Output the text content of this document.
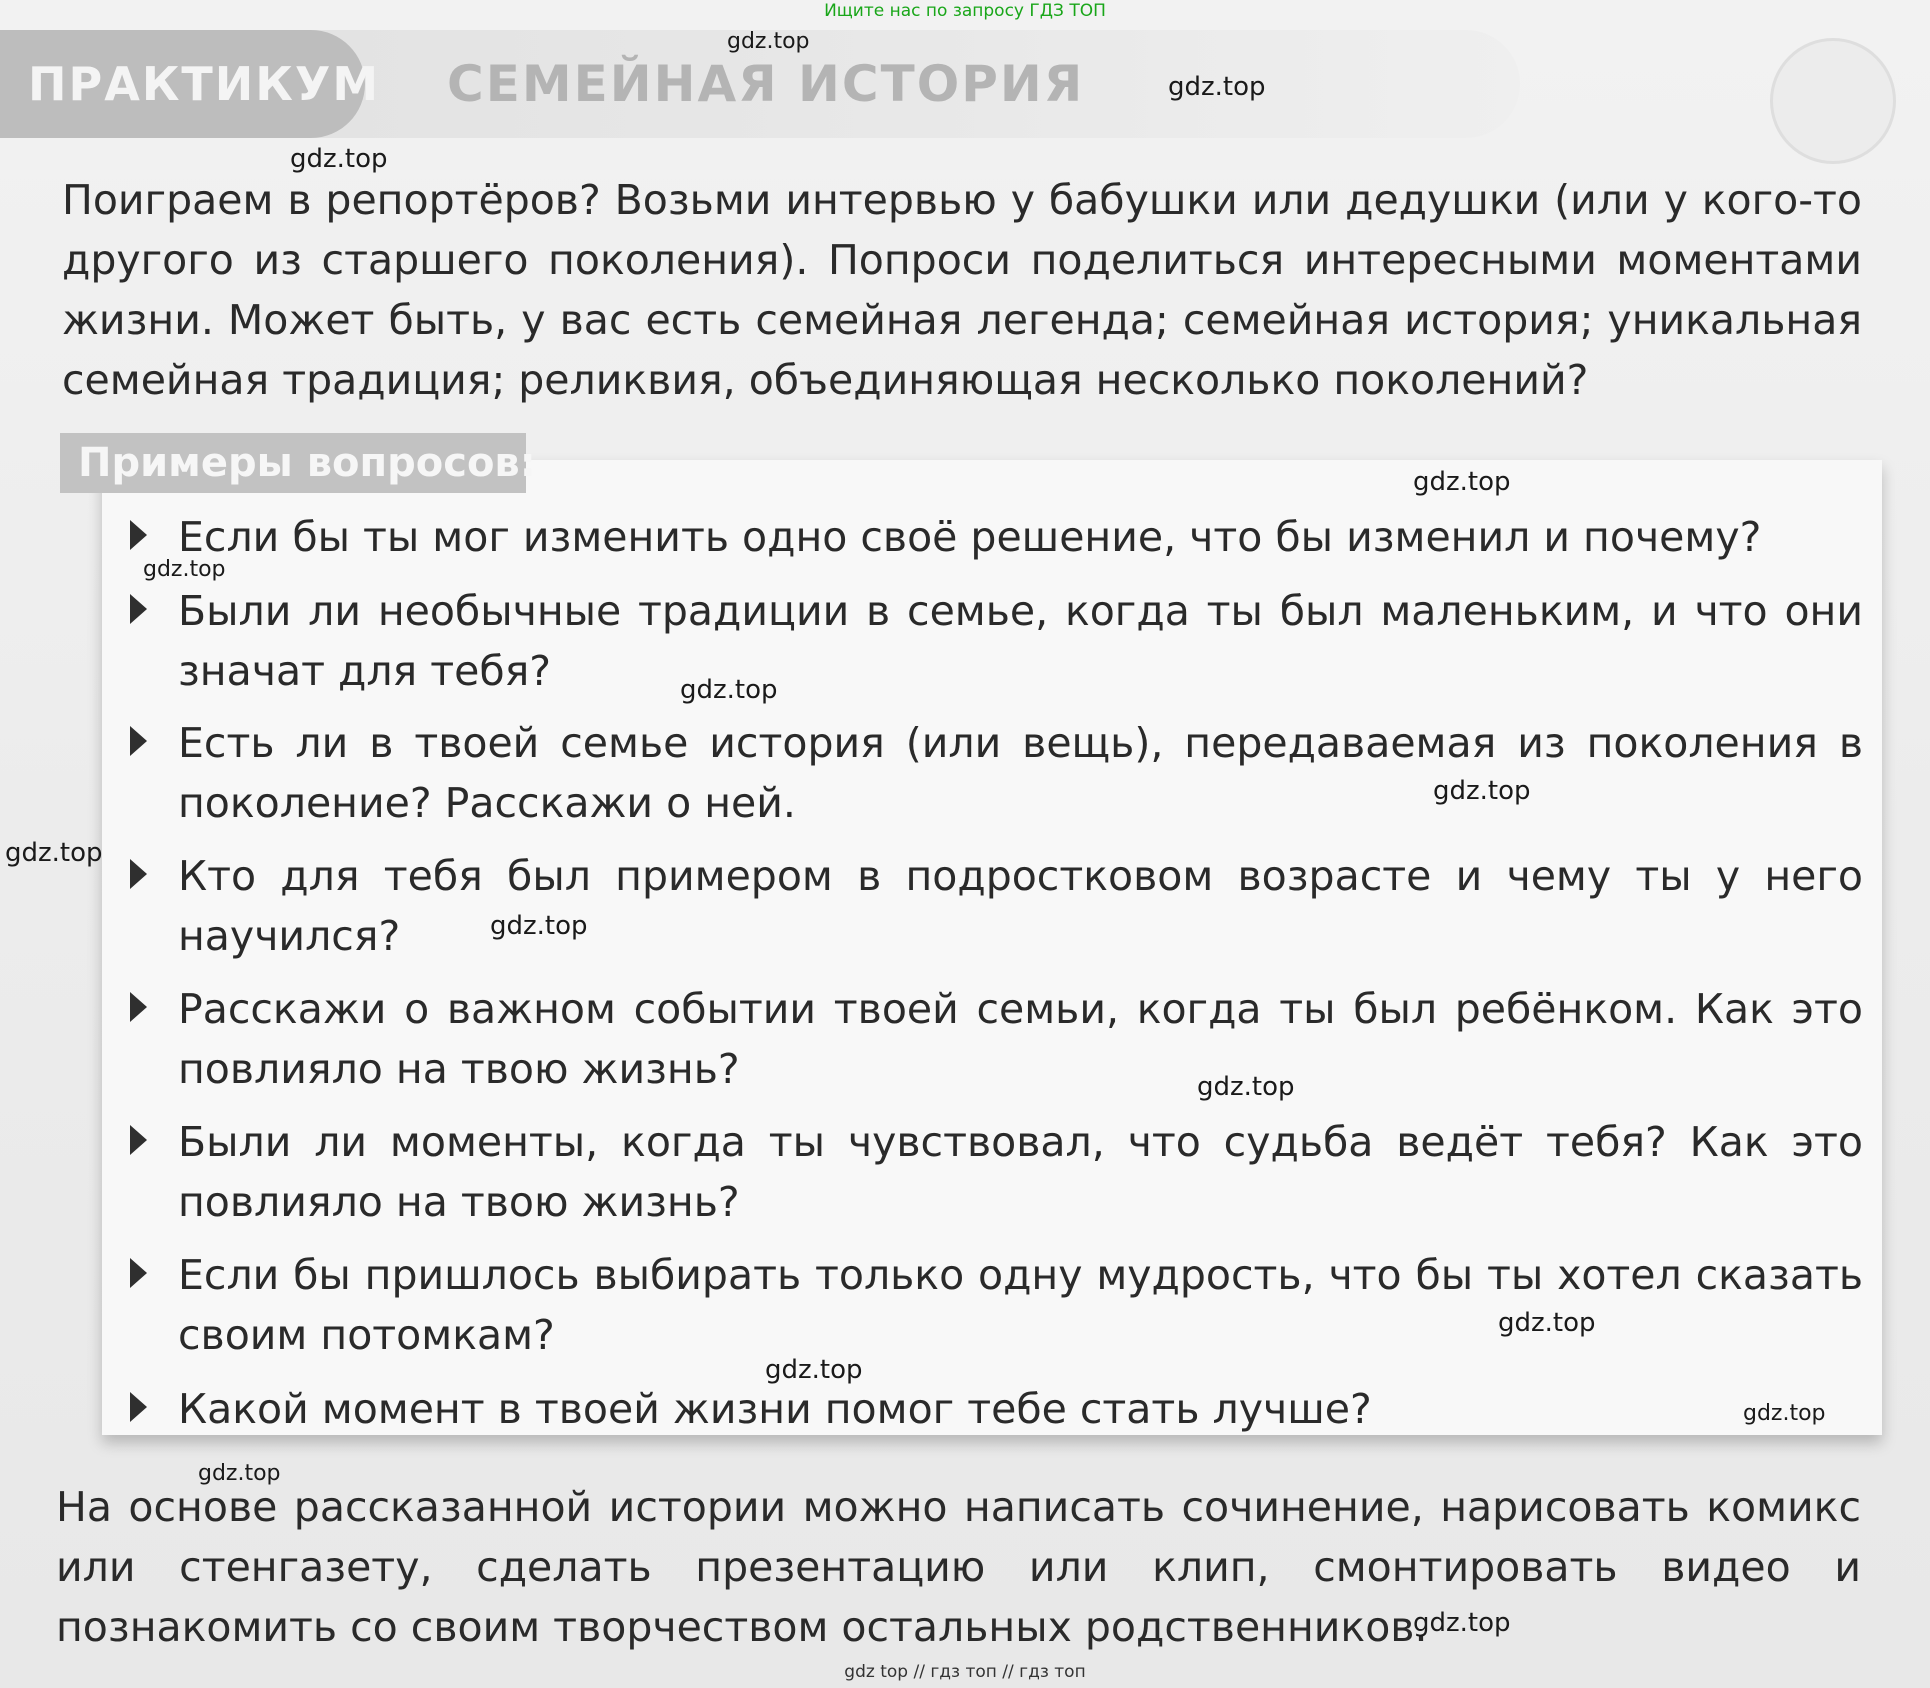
Ищите нас по запросу ГДЗ ТОП
ПРАКТИКУМ СЕМЕЙНАЯ ИСТОРИЯ

Поиграем в репортёров? Возьми интервью у бабушки или дедушки (или у кого-то другого из старшего поколения). Попроси поделиться интересными моментами жизни. Может быть, у вас есть семейная легенда; семейная история; уникальная семейная традиция; реликвия, объединяющая несколько поколений?

Примеры вопросов:

Если бы ты мог изменить одно своё решение, что бы изменил и почему?

Были ли необычные традиции в семье, когда ты был маленьким, и что они значат для тебя?

Есть ли в твоей семье история (или вещь), передаваемая из поколения в поколение? Расскажи о ней.

Кто для тебя был примером в подростковом возрасте и чему ты у него научился?

Расскажи о важном событии твоей семьи, когда ты был ребёнком. Как это повлияло на твою жизнь?

Были ли моменты, когда ты чувствовал, что судьба ведёт тебя? Как это повлияло на твою жизнь?

Если бы пришлось выбирать только одну мудрость, что бы ты хотел сказать своим потомкам?

Какой момент в твоей жизни помог тебе стать лучше?

На основе рассказанной истории можно написать сочинение, нарисовать комикс или стенгазету, сделать презентацию или клип, смонтировать видео и познакомить со своим творчеством остальных родственников.

gdz.top
gdz.top
gdz.top
gdz.top
gdz.top
gdz.top
gdz.top
gdz.top
gdz.top
gdz.top
gdz.top
gdz.top
gdz.top
gdz.top
gdz.top
gdz top // гдз топ // гдз топ
